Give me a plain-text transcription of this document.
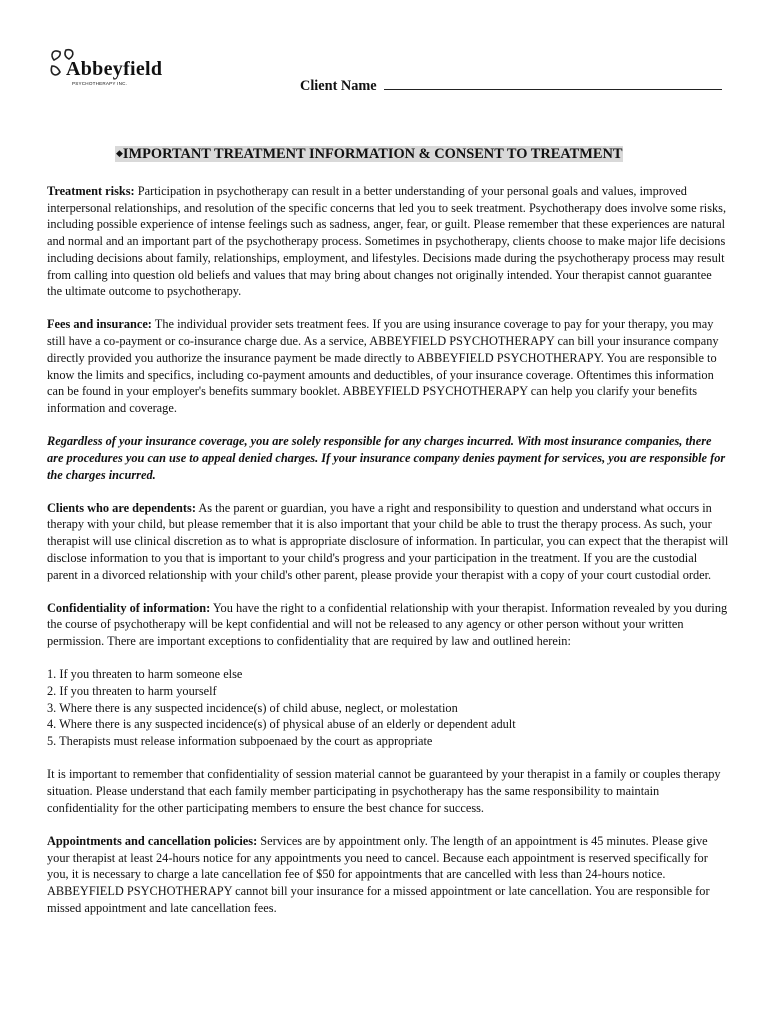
Abbeyfield
PSYCHOTHERAPY INC.	Client Name
◆IMPORTANT TREATMENT INFORMATION & CONSENT TO TREATMENT

Treatment risks: Participation in psychotherapy can result in a better understanding of your personal goals and values, improved interpersonal relationships, and resolution of the specific concerns that led you to seek treatment. Psychotherapy does involve some risks, including possible experience of intense feelings such as sadness, anger, fear, or guilt. Please remember that these experiences are natural and normal and an important part of the psychotherapy process. Sometimes in psychotherapy, clients choose to make major life decisions including decisions about family, relationships, employment, and lifestyles. Decisions made during the psychotherapy process may result from calling into question old beliefs and values that may bring about changes not originally intended. Your therapist cannot guarantee the ultimate outcome to psychotherapy.

Fees and insurance: The individual provider sets treatment fees. If you are using insurance coverage to pay for your therapy, you may still have a co-payment or co-insurance charge due. As a service, ABBEYFIELD PSYCHOTHERAPY can bill your insurance company directly provided you authorize the insurance payment be made directly to ABBEYFIELD PSYCHOTHERAPY. You are responsible to know the limits and specifics, including co-payment amounts and deductibles, of your insurance coverage. Oftentimes this information can be found in your employer's benefits summary booklet. ABBEYFIELD PSYCHOTHERAPY can help you clarify your benefits information and coverage.

Regardless of your insurance coverage, you are solely responsible for any charges incurred. With most insurance companies, there are procedures you can use to appeal denied charges. If your insurance company denies payment for services, you are responsible for the charges incurred.

Clients who are dependents: As the parent or guardian, you have a right and responsibility to question and understand what occurs in therapy with your child, but please remember that it is also important that your child be able to trust the therapy process. As such, your therapist will use clinical discretion as to what is appropriate disclosure of information. In particular, you can expect that the therapist will disclose information to you that is important to your child's progress and your participation in the treatment. If you are the custodial parent in a divorced relationship with your child's other parent, please provide your therapist with a copy of your court custodial order.

Confidentiality of information: You have the right to a confidential relationship with your therapist. Information revealed by you during the course of psychotherapy will be kept confidential and will not be released to any agency or other person without your written permission. There are important exceptions to confidentiality that are required by law and outlined herein:

1. If you threaten to harm someone else
2. If you threaten to harm yourself
3. Where there is any suspected incidence(s) of child abuse, neglect, or molestation
4. Where there is any suspected incidence(s) of physical abuse of an elderly or dependent adult
5. Therapists must release information subpoenaed by the court as appropriate

It is important to remember that confidentiality of session material cannot be guaranteed by your therapist in a family or couples therapy situation. Please understand that each family member participating in psychotherapy has the same responsibility to maintain confidentiality for the other participating members to ensure the best chance for success.

Appointments and cancellation policies: Services are by appointment only. The length of an appointment is 45 minutes. Please give your therapist at least 24-hours notice for any appointments you need to cancel. Because each appointment is reserved specifically for you, it is necessary to charge a late cancellation fee of $50 for appointments that are cancelled with less than 24-hours notice. ABBEYFIELD PSYCHOTHERAPY cannot bill your insurance for a missed appointment or late cancellation. You are responsible for missed appointment and late cancellation fees.
